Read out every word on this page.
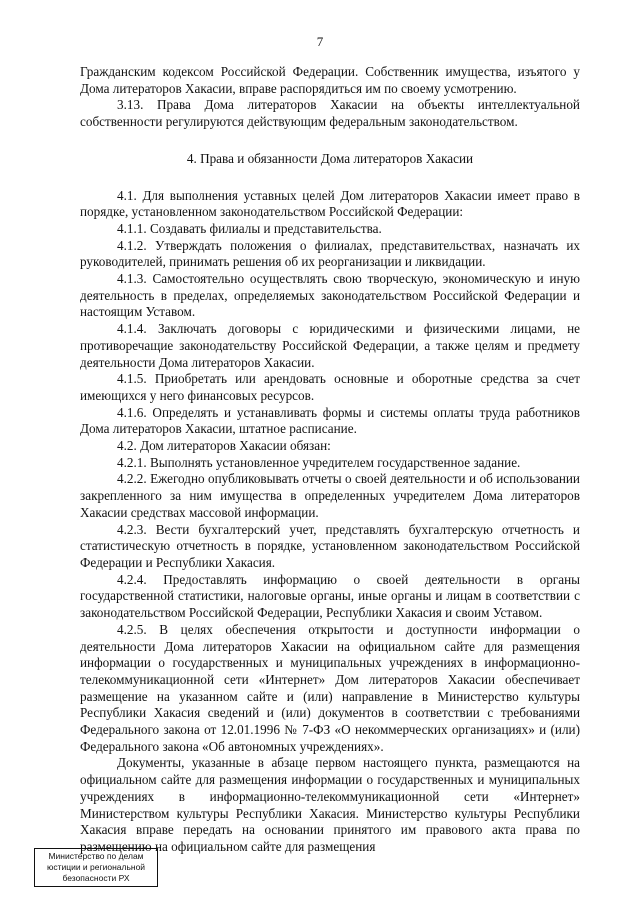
7

Гражданским кодексом Российской Федерации. Собственник имущества, изъятого у Дома литераторов Хакасии, вправе распорядиться им по своему усмотрению.

3.13. Права Дома литераторов Хакасии на объекты интеллектуальной собственности регулируются действующим федеральным законодательством.

4. Права и обязанности Дома литераторов Хакасии

4.1. Для выполнения уставных целей Дом литераторов Хакасии имеет право в порядке, установленном законодательством Российской Федерации:

4.1.1. Создавать филиалы и представительства.

4.1.2. Утверждать положения о филиалах, представительствах, назначать их руководителей, принимать решения об их реорганизации и ликвидации.

4.1.3. Самостоятельно осуществлять свою творческую, экономическую и иную деятельность в пределах, определяемых законодательством Российской Федерации и настоящим Уставом.

4.1.4. Заключать договоры с юридическими и физическими лицами, не противоречащие законодательству Российской Федерации, а также целям и предмету деятельности Дома литераторов Хакасии.

4.1.5. Приобретать или арендовать основные и оборотные средства за счет имеющихся у него финансовых ресурсов.

4.1.6. Определять и устанавливать формы и системы оплаты труда работников Дома литераторов Хакасии, штатное расписание.

4.2. Дом литераторов Хакасии обязан:

4.2.1. Выполнять установленное учредителем государственное задание.

4.2.2. Ежегодно опубликовывать отчеты о своей деятельности и об использовании закрепленного за ним имущества в определенных учредителем Дома литераторов Хакасии средствах массовой информации.

4.2.3. Вести бухгалтерский учет, представлять бухгалтерскую отчетность и статистическую отчетность в порядке, установленном законодательством Российской Федерации и Республики Хакасия.

4.2.4. Предоставлять информацию о своей деятельности в органы государственной статистики, налоговые органы, иные органы и лицам в соответствии с законодательством Российской Федерации, Республики Хакасия и своим Уставом.

4.2.5. В целях обеспечения открытости и доступности информации о деятельности Дома литераторов Хакасии на официальном сайте для размещения информации о государственных и муниципальных учреждениях в информационно-телекоммуникационной сети «Интернет» Дом литераторов Хакасии обеспечивает размещение на указанном сайте и (или) направление в Министерство культуры Республики Хакасия сведений и (или) документов в соответствии с требованиями Федерального закона от 12.01.1996 № 7-ФЗ «О некоммерческих организациях» и (или) Федерального закона «Об автономных учреждениях».

Документы, указанные в абзаце первом настоящего пункта, размещаются на официальном сайте для размещения информации о государственных и муниципальных учреждениях в информационно-телекоммуникационной сети «Интернет» Министерством культуры Республики Хакасия. Министерство культуры Республики Хакасия вправе передать на основании принятого им правового акта права по размещению на официальном сайте для размещения

Министерство по делам
юстиции и региональной
безопасности РХ
